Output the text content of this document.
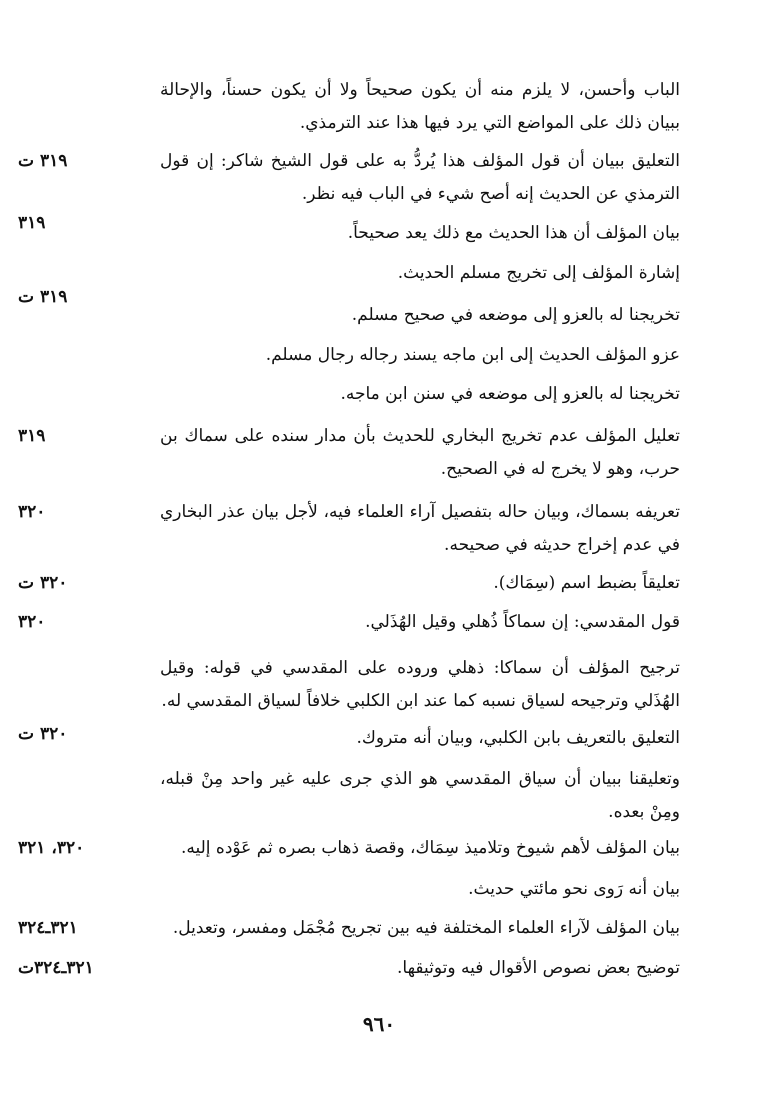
الباب وأحسن، لا يلزم منه أن يكون صحيحاً ولا أن يكون حسناً، والإحالة ببيان ذلك على المواضع التي يرد فيها هذا عند الترمذي.
التعليق ببيان أن قول المؤلف هذا يُردُّ به على قول الشيخ شاكر: إن قول الترمذي عن الحديث إنه أصح شيء في الباب فيه نظر.
٣١٩ ت
بيان المؤلف أن هذا الحديث مع ذلك يعد صحيحاً.
٣١٩
إشارة المؤلف إلى تخريج مسلم الحديث.
تخريجنا له بالعزو إلى موضعه في صحيح مسلم.
٣١٩ ت
عزو المؤلف الحديث إلى ابن ماجه يسند رجاله رجال مسلم.
تخريجنا له بالعزو إلى موضعه في سنن ابن ماجه.
تعليل المؤلف عدم تخريج البخاري للحديث بأن مدار سنده على سماك بن حرب، وهو لا يخرج له في الصحيح.
٣١٩
تعريفه بسماك، وبيان حاله بتفصيل آراء العلماء فيه، لأجل بيان عذر البخاري في عدم إخراج حديثه في صحيحه.
٣٢٠
تعليقاً بضبط اسم (سِمَاك).
٣٢٠ ت
قول المقدسي: إن سماكاً ذُهلي وقيل الهُذَلي.
٣٢٠
ترجيح المؤلف أن سماكا: ذهلي وروده على المقدسي في قوله: وقيل الهُذَلي وترجيحه لسياق نسبه كما عند ابن الكلبي خلافاً لسياق المقدسي له.
التعليق بالتعريف بابن الكلبي، وبيان أنه متروك.
٣٢٠ ت
وتعليقنا ببيان أن سياق المقدسي هو الذي جرى عليه غير واحد مِنْ قبله، ومِنْ بعده.
بيان المؤلف لأهم شيوخ وتلاميذ سِمَاك، وقصة ذهاب بصره ثم عَوْده إليه.
٣٢٠، ٣٢١
بيان أنه رَوى نحو مائتي حديث.
بيان المؤلف لآراء العلماء المختلفة فيه بين تجريح مُجْمَل ومفسر، وتعديل.
٣٢١ـ٣٢٤
توضيح بعض نصوص الأقوال فيه وتوثيقها.
٣٢١ـ٣٢٤ت
٩٦٠
